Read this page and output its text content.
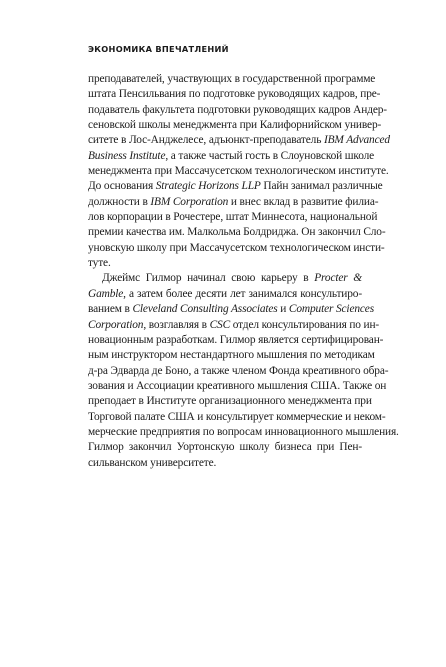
ЭКОНОМИКА ВПЕЧАТЛЕНИЙ
преподавателей, участвующих в государственной программе
штата Пенсильвания по подготовке руководящих кадров, пре-
подаватель факультета подготовки руководящих кадров Андер-
сеновской школы менеджмента при Калифорнийском универ-
ситете в Лос-Анджелесе, адъюнкт-преподаватель IBM Advanced
Business Institute, а также частый гость в Слоуновской школе
менеджмента при Массачусетском технологическом институте.
До основания Strategic Horizons LLP Пайн занимал различные
должности в IBM Corporation и внес вклад в развитие филиа-
лов корпорации в Рочестере, штат Миннесота, национальной
премии качества им. Малкольма Болдриджа. Он закончил Сло-
уновскую школу при Массачусетском технологическом инсти-
туте.
Джеймс Гилмор начинал свою карьеру в Procter &
Gamble, а затем более десяти лет занимался консультиро-
ванием в Cleveland Consulting Associates и Computer Sciences
Corporation, возглавляя в CSC отдел консультирования по ин-
новационным разработкам. Гилмор является сертифицирован-
ным инструктором нестандартного мышления по методикам
д-ра Эдварда де Боно, а также членом Фонда креативного обра-
зования и Ассоциации креативного мышления США. Также он
преподает в Институте организационного менеджмента при
Торговой палате США и консультирует коммерческие и неком-
мерческие предприятия по вопросам инновационного мышления.
Гилмор закончил Уортонскую школу бизнеса при Пен-
сильванском университете.
